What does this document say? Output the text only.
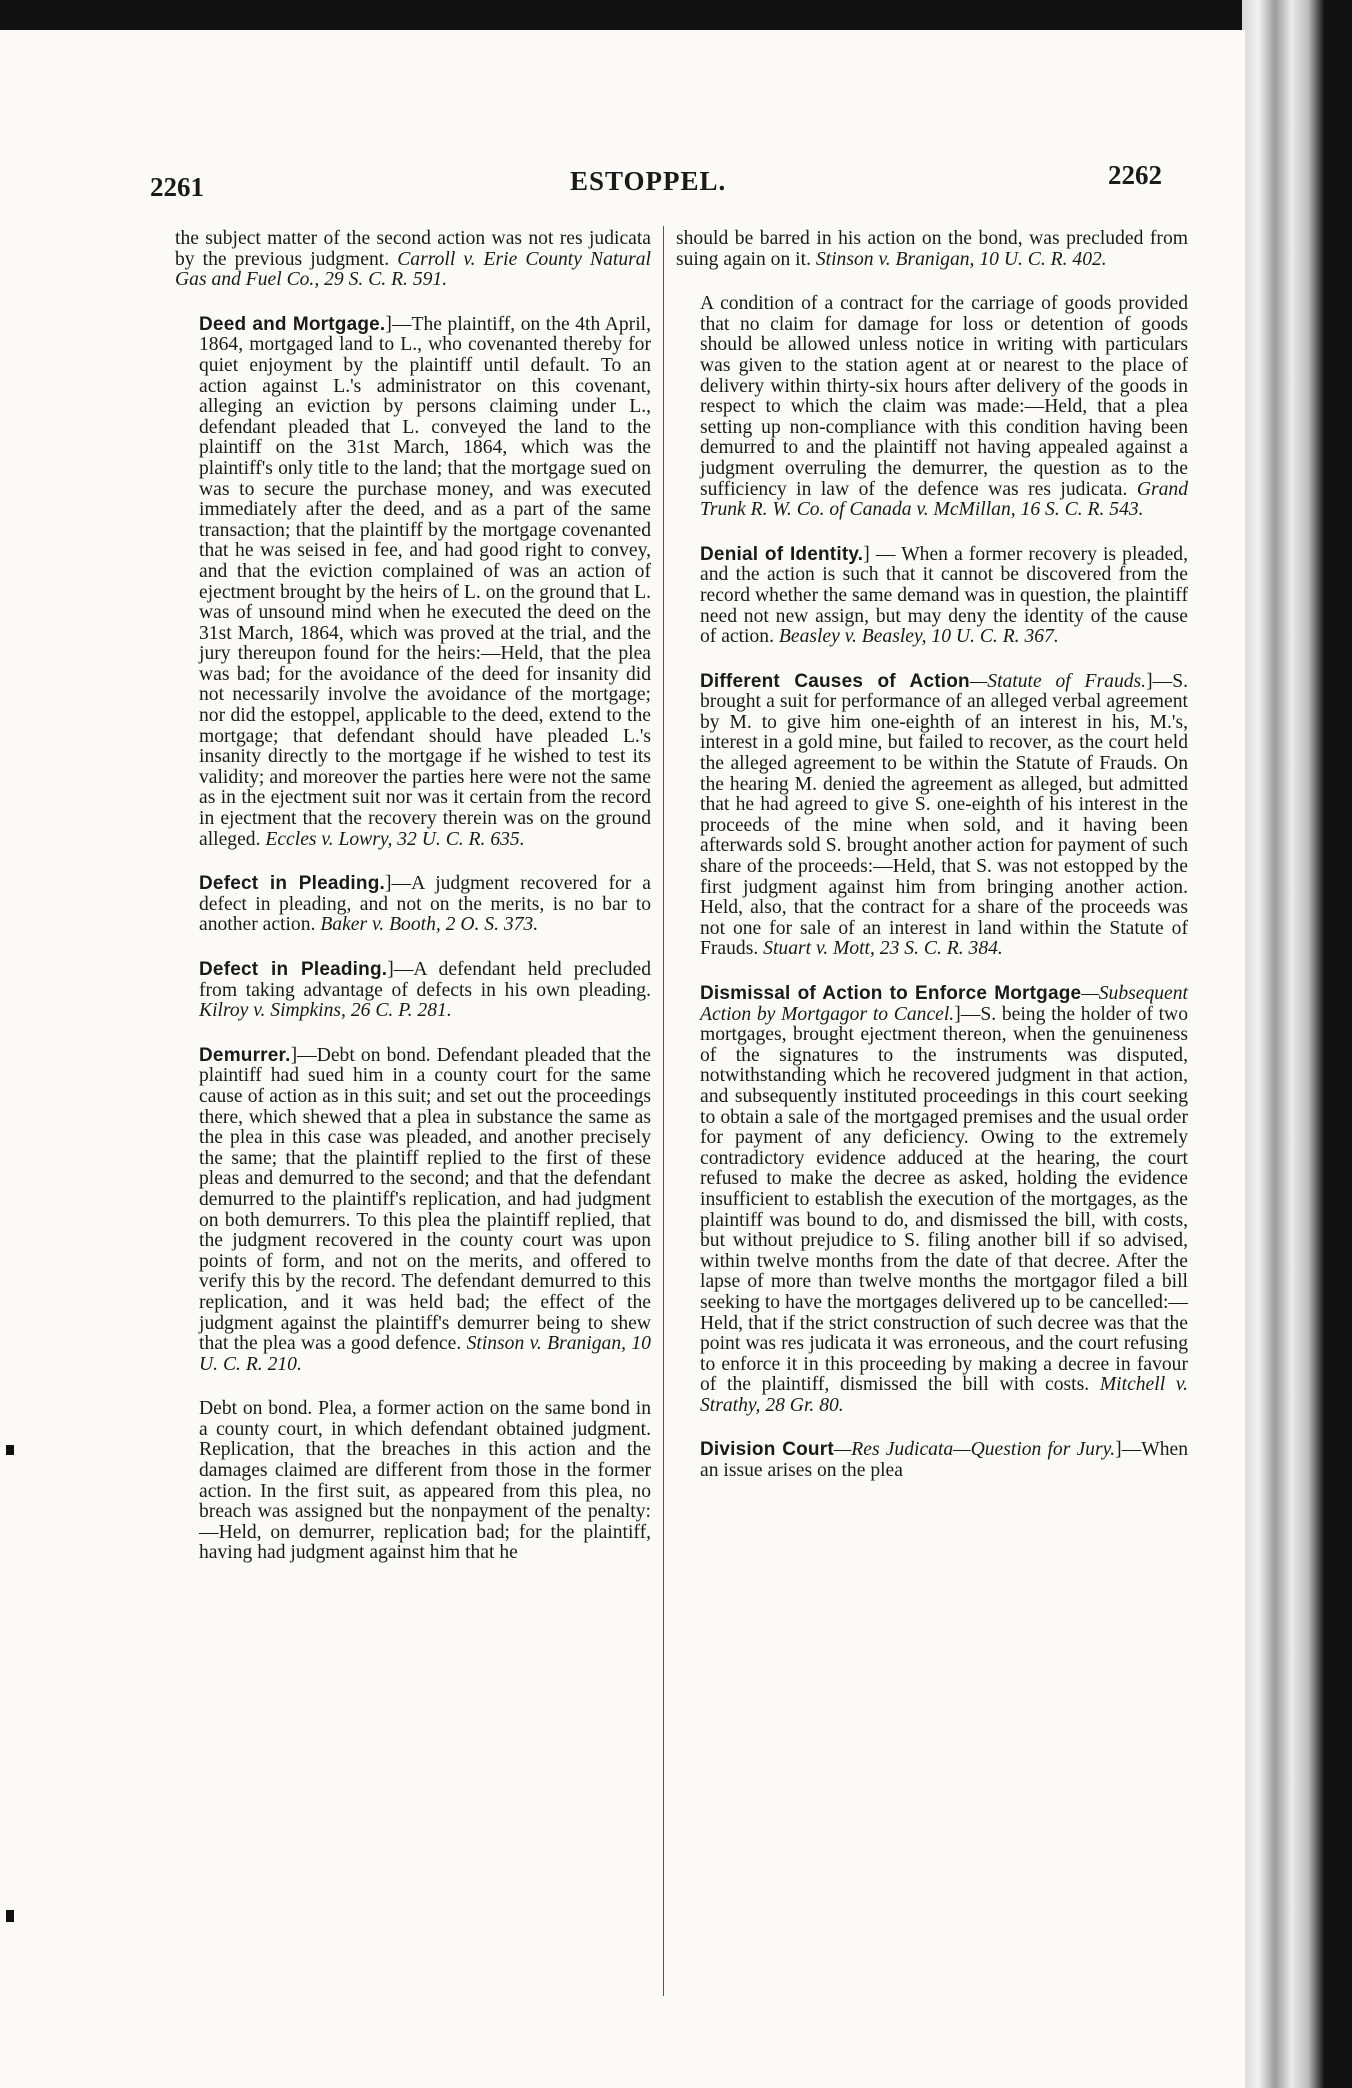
2261	ESTOPPEL.	2262

the subject matter of the second action was not res judicata by the previous judgment. Carroll v. Erie County Natural Gas and Fuel Co., 29 S. C. R. 591.

Deed and Mortgage.]—The plaintiff, on the 4th April, 1864, mortgaged land to L., who covenanted thereby for quiet enjoyment by the plaintiff until default. To an action against L.'s administrator on this covenant, alleging an eviction by persons claiming under L., defendant pleaded that L. conveyed the land to the plaintiff on the 31st March, 1864, which was the plaintiff's only title to the land; that the mortgage sued on was to secure the purchase money, and was executed immediately after the deed, and as a part of the same transaction; that the plaintiff by the mortgage covenanted that he was seised in fee, and had good right to convey, and that the eviction complained of was an action of ejectment brought by the heirs of L. on the ground that L. was of unsound mind when he executed the deed on the 31st March, 1864, which was proved at the trial, and the jury thereupon found for the heirs:—Held, that the plea was bad; for the avoidance of the deed for insanity did not necessarily involve the avoidance of the mortgage; nor did the estoppel, applicable to the deed, extend to the mortgage; that defendant should have pleaded L.'s insanity directly to the mortgage if he wished to test its validity; and moreover the parties here were not the same as in the ejectment suit nor was it certain from the record in ejectment that the recovery therein was on the ground alleged. Eccles v. Lowry, 32 U. C. R. 635.

Defect in Pleading.]—A judgment recovered for a defect in pleading, and not on the merits, is no bar to another action. Baker v. Booth, 2 O. S. 373.

Defect in Pleading.]—A defendant held precluded from taking advantage of defects in his own pleading. Kilroy v. Simpkins, 26 C. P. 281.

Demurrer.]—Debt on bond. Defendant pleaded that the plaintiff had sued him in a county court for the same cause of action as in this suit; and set out the proceedings there, which shewed that a plea in substance the same as the plea in this case was pleaded, and another precisely the same; that the plaintiff replied to the first of these pleas and demurred to the second; and that the defendant demurred to the plaintiff's replication, and had judgment on both demurrers. To this plea the plaintiff replied, that the judgment recovered in the county court was upon points of form, and not on the merits, and offered to verify this by the record. The defendant demurred to this replication, and it was held bad; the effect of the judgment against the plaintiff's demurrer being to shew that the plea was a good defence. Stinson v. Branigan, 10 U. C. R. 210.

Debt on bond. Plea, a former action on the same bond in a county court, in which defendant obtained judgment. Replication, that the breaches in this action and the damages claimed are different from those in the former action. In the first suit, as appeared from this plea, no breach was assigned but the nonpayment of the penalty:—Held, on demurrer, replication bad; for the plaintiff, having had judgment against him that he

should be barred in his action on the bond, was precluded from suing again on it. Stinson v. Branigan, 10 U. C. R. 402.

A condition of a contract for the carriage of goods provided that no claim for damage for loss or detention of goods should be allowed unless notice in writing with particulars was given to the station agent at or nearest to the place of delivery within thirty-six hours after delivery of the goods in respect to which the claim was made:—Held, that a plea setting up non-compliance with this condition having been demurred to and the plaintiff not having appealed against a judgment overruling the demurrer, the question as to the sufficiency in law of the defence was res judicata. Grand Trunk R. W. Co. of Canada v. McMillan, 16 S. C. R. 543.

Denial of Identity.] — When a former recovery is pleaded, and the action is such that it cannot be discovered from the record whether the same demand was in question, the plaintiff need not new assign, but may deny the identity of the cause of action. Beasley v. Beasley, 10 U. C. R. 367.

Different Causes of Action—Statute of Frauds.]—S. brought a suit for performance of an alleged verbal agreement by M. to give him one-eighth of an interest in his, M.'s, interest in a gold mine, but failed to recover, as the court held the alleged agreement to be within the Statute of Frauds. On the hearing M. denied the agreement as alleged, but admitted that he had agreed to give S. one-eighth of his interest in the proceeds of the mine when sold, and it having been afterwards sold S. brought another action for payment of such share of the proceeds:—Held, that S. was not estopped by the first judgment against him from bringing another action. Held, also, that the contract for a share of the proceeds was not one for sale of an interest in land within the Statute of Frauds. Stuart v. Mott, 23 S. C. R. 384.

Dismissal of Action to Enforce Mortgage—Subsequent Action by Mortgagor to Cancel.]—S. being the holder of two mortgages, brought ejectment thereon, when the genuineness of the signatures to the instruments was disputed, notwithstanding which he recovered judgment in that action, and subsequently instituted proceedings in this court seeking to obtain a sale of the mortgaged premises and the usual order for payment of any deficiency. Owing to the extremely contradictory evidence adduced at the hearing, the court refused to make the decree as asked, holding the evidence insufficient to establish the execution of the mortgages, as the plaintiff was bound to do, and dismissed the bill, with costs, but without prejudice to S. filing another bill if so advised, within twelve months from the date of that decree. After the lapse of more than twelve months the mortgagor filed a bill seeking to have the mortgages delivered up to be cancelled:—Held, that if the strict construction of such decree was that the point was res judicata it was erroneous, and the court refusing to enforce it in this proceeding by making a decree in favour of the plaintiff, dismissed the bill with costs. Mitchell v. Strathy, 28 Gr. 80.

Division Court—Res Judicata—Question for Jury.]—When an issue arises on the plea
